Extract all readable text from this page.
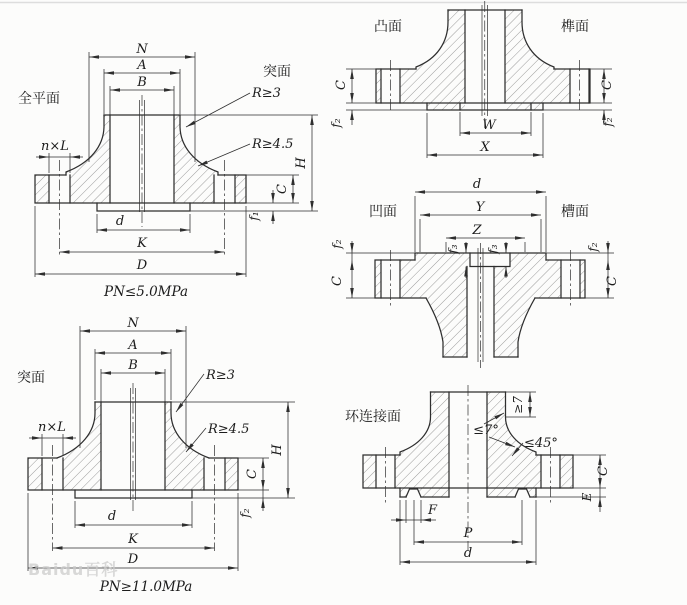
全平面
突面
N
A
B
R≥3
R≥4.5
n×L
d
K
D
C
f₁
H
PN≤5.0MPa
凸面	榫面
W
X
C
f₂
C
f₂
凹面	槽面
d
Y
Z
f₃ f₃
f₂
C
f₂
C
突面
N
A
B
R≥3
R≥4.5
n×L
d
K
D
C
f₂
H
PN≥11.0MPa
环连接面
≤7°
≤45°
≥7
F
P
d
C
E
Baidu百科
